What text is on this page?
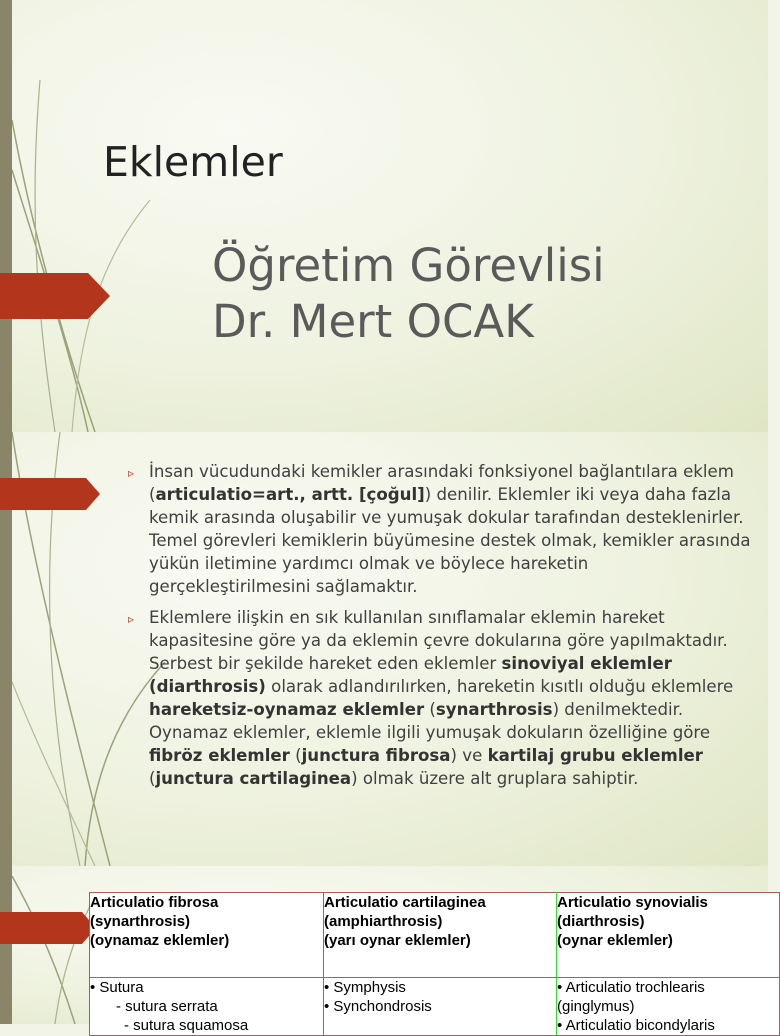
Eklemler
Öğretim Görevlisi
Dr. Mert OCAK
▹ İnsan vücudundaki kemikler arasındaki fonksiyonel bağlantılara eklem (articulatio=art., artt. [çoğul]) denilir. Eklemler iki veya daha fazla kemik arasında oluşabilir ve yumuşak dokular tarafından desteklenirler. Temel görevleri kemiklerin büyümesine destek olmak, kemikler arasında yükün iletimine yardımcı olmak ve böylece hareketin gerçekleştirilmesini sağlamaktır.
▹ Eklemlere ilişkin en sık kullanılan sınıflamalar eklemin hareket kapasitesine göre ya da eklemin çevre dokularına göre yapılmaktadır. Serbest bir şekilde hareket eden eklemler sinoviyal eklemler (diarthrosis) olarak adlandırılırken, hareketin kısıtlı olduğu eklemlere hareketsiz-oynamaz eklemler (synarthrosis) denilmektedir. Oynamaz eklemler, eklemle ilgili yumuşak dokuların özelliğine göre fibröz eklemler (junctura fibrosa) ve kartilaj grubu eklemler (junctura cartilaginea) olmak üzere alt gruplara sahiptir.
Articulatio fibrosa
(synarthrosis)
(oynamaz eklemler)	Articulatio cartilaginea
(amphiarthrosis)
(yarı oynar eklemler)	Articulatio synovialis
(diarthrosis)
(oynar eklemler)

• Sutura
- sutura serrata
- sutura squamosa	• Symphysis
• Synchondrosis	• Articulatio trochlearis
(ginglymus)
• Articulatio bicondylaris
